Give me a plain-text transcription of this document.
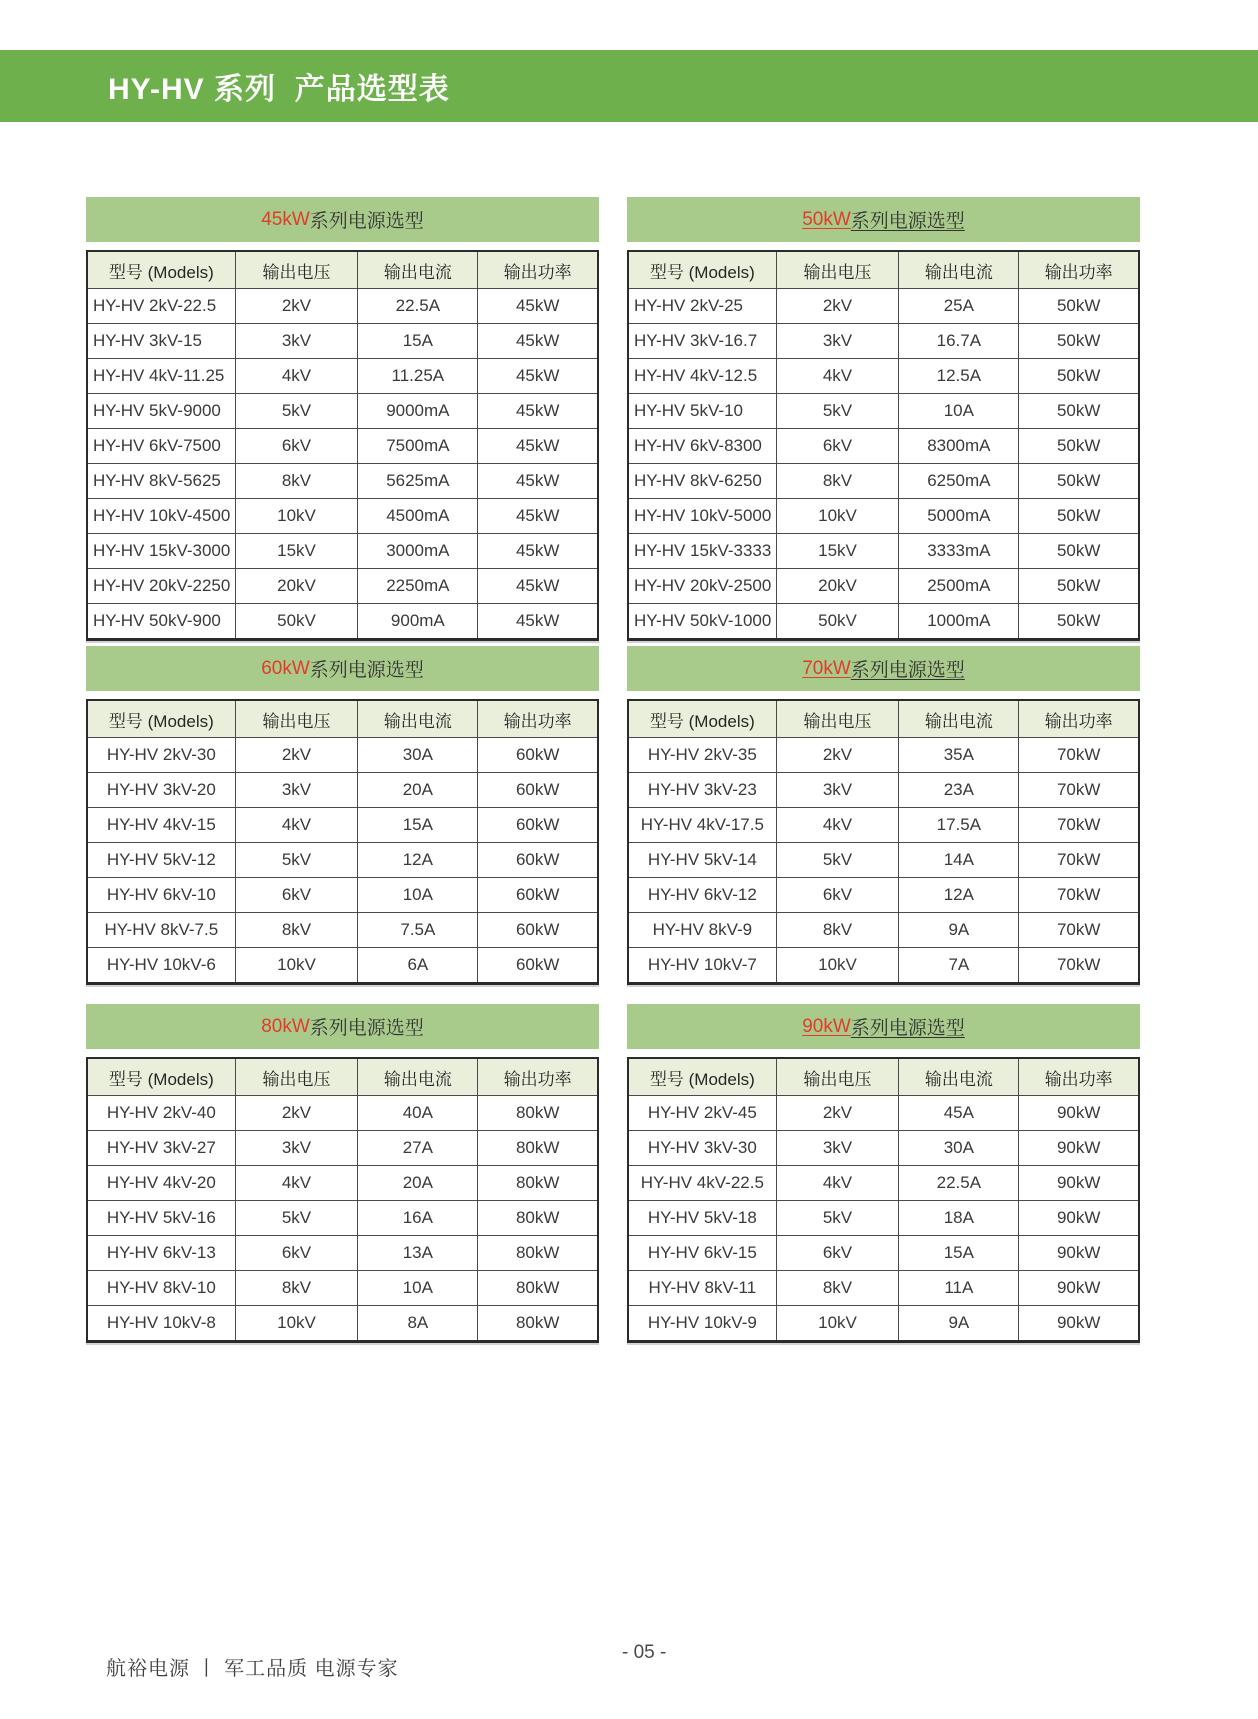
HY-HV 系列  产品选型表
45kW 系列电源选型
型号 (Models)	输出电压	输出电流	输出功率
HY-HV 2kV-22.5	2kV	22.5A	45kW
HY-HV 3kV-15	3kV	15A	45kW
HY-HV 4kV-11.25	4kV	11.25A	45kW
HY-HV 5kV-9000	5kV	9000mA	45kW
HY-HV 6kV-7500	6kV	7500mA	45kW
HY-HV 8kV-5625	8kV	5625mA	45kW
HY-HV 10kV-4500	10kV	4500mA	45kW
HY-HV 15kV-3000	15kV	3000mA	45kW
HY-HV 20kV-2250	20kV	2250mA	45kW
HY-HV 50kV-900	50kV	900mA	45kW
50kW 系列电源选型
型号 (Models)	输出电压	输出电流	输出功率
HY-HV 2kV-25	2kV	25A	50kW
HY-HV 3kV-16.7	3kV	16.7A	50kW
HY-HV 4kV-12.5	4kV	12.5A	50kW
HY-HV 5kV-10	5kV	10A	50kW
HY-HV 6kV-8300	6kV	8300mA	50kW
HY-HV 8kV-6250	8kV	6250mA	50kW
HY-HV 10kV-5000	10kV	5000mA	50kW
HY-HV 15kV-3333	15kV	3333mA	50kW
HY-HV 20kV-2500	20kV	2500mA	50kW
HY-HV 50kV-1000	50kV	1000mA	50kW
60kW 系列电源选型
型号 (Models)	输出电压	输出电流	输出功率
HY-HV 2kV-30	2kV	30A	60kW
HY-HV 3kV-20	3kV	20A	60kW
HY-HV 4kV-15	4kV	15A	60kW
HY-HV 5kV-12	5kV	12A	60kW
HY-HV 6kV-10	6kV	10A	60kW
HY-HV 8kV-7.5	8kV	7.5A	60kW
HY-HV 10kV-6	10kV	6A	60kW
70kW 系列电源选型
型号 (Models)	输出电压	输出电流	输出功率
HY-HV 2kV-35	2kV	35A	70kW
HY-HV 3kV-23	3kV	23A	70kW
HY-HV 4kV-17.5	4kV	17.5A	70kW
HY-HV 5kV-14	5kV	14A	70kW
HY-HV 6kV-12	6kV	12A	70kW
HY-HV 8kV-9	8kV	9A	70kW
HY-HV 10kV-7	10kV	7A	70kW
80kW 系列电源选型
型号 (Models)	输出电压	输出电流	输出功率
HY-HV 2kV-40	2kV	40A	80kW
HY-HV 3kV-27	3kV	27A	80kW
HY-HV 4kV-20	4kV	20A	80kW
HY-HV 5kV-16	5kV	16A	80kW
HY-HV 6kV-13	6kV	13A	80kW
HY-HV 8kV-10	8kV	10A	80kW
HY-HV 10kV-8	10kV	8A	80kW
90kW 系列电源选型
型号 (Models)	输出电压	输出电流	输出功率
HY-HV 2kV-45	2kV	45A	90kW
HY-HV 3kV-30	3kV	30A	90kW
HY-HV 4kV-22.5	4kV	22.5A	90kW
HY-HV 5kV-18	5kV	18A	90kW
HY-HV 6kV-15	6kV	15A	90kW
HY-HV 8kV-11	8kV	11A	90kW
HY-HV 10kV-9	10kV	9A	90kW
航裕电源 丨 军工品质 电源专家
- 05 -
